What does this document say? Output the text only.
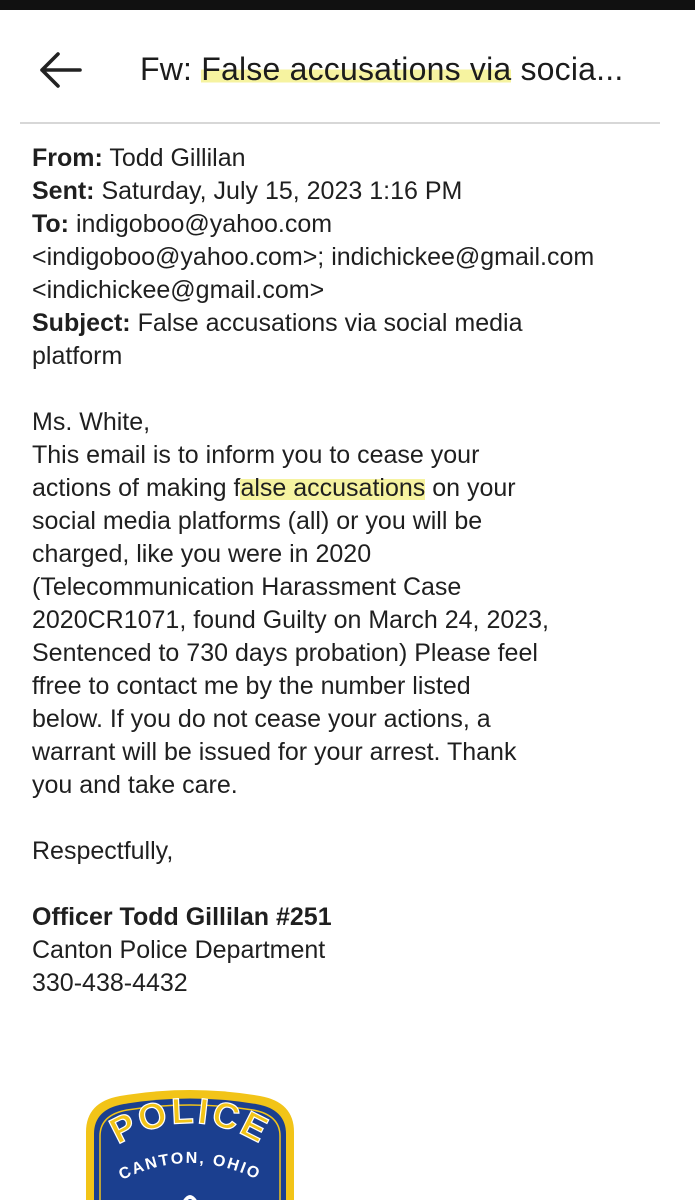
Fw: False accusations via socia...

From: Todd Gillilan

Sent: Saturday, July 15, 2023 1:16 PM

To: indigoboo@yahoo.com

<indigoboo@yahoo.com>; indichickee@gmail.com

<indichickee@gmail.com>

Subject: False accusations via social media

platform

Ms. White,

This email is to inform you to cease your

actions of making false accusations on your

social media platforms (all) or you will be

charged, like you were in 2020

(Telecommunication Harassment Case

2020CR1071, found Guilty on March 24, 2023,

Sentenced to 730 days probation) Please feel

ffree to contact me by the number listed

below. If you do not cease your actions, a

warrant will be issued for your arrest. Thank

you and take care.

Respectfully,

Officer Todd Gillilan #251

Canton Police Department

330-438-4432

POLICE
CANTON, OHIO
